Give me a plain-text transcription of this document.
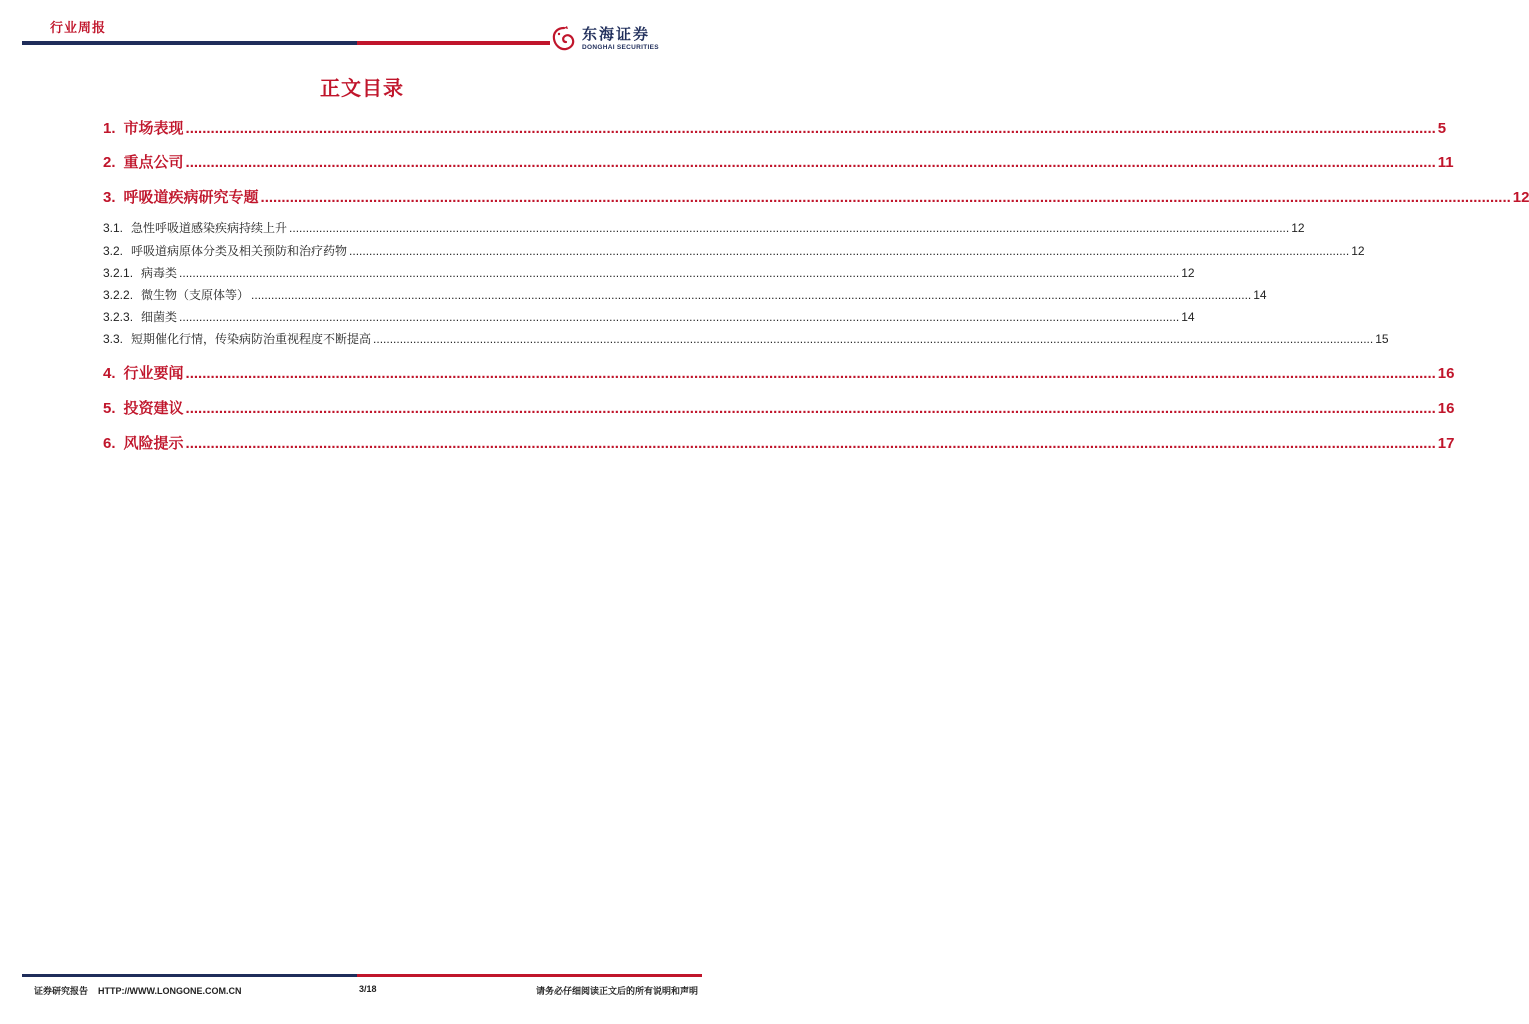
行业周报	东海证券
DONGHAI SECURITIES
正文目录
1. 市场表现 ............................................................................................................................................................................................................................................................................................................ 5
2. 重点公司 ............................................................................................................................................................................................................................................................................................................ 11
3. 呼吸道疾病研究专题 ............................................................................................................................................................................................................................................................................................................ 12
3.1. 急性呼吸道感染疾病持续上升 ............................................................................................................................................................................................................................................................................................................ 12
3.2. 呼吸道病原体分类及相关预防和治疗药物 ............................................................................................................................................................................................................................................................................................................ 12
3.2.1. 病毒类 ............................................................................................................................................................................................................................................................................................................ 12
3.2.2. 微生物（支原体等） ............................................................................................................................................................................................................................................................................................................ 14
3.2.3. 细菌类 ............................................................................................................................................................................................................................................................................................................ 14
3.3. 短期催化行情，传染病防治重视程度不断提高 ............................................................................................................................................................................................................................................................................................................ 15
4. 行业要闻 ............................................................................................................................................................................................................................................................................................................ 16
5. 投资建议 ............................................................................................................................................................................................................................................................................................................ 16
6. 风险提示 ............................................................................................................................................................................................................................................................................................................ 17
证券研究报告    HTTP://WWW.LONGONE.COM.CN	3/18	请务必仔细阅读正文后的所有说明和声明
